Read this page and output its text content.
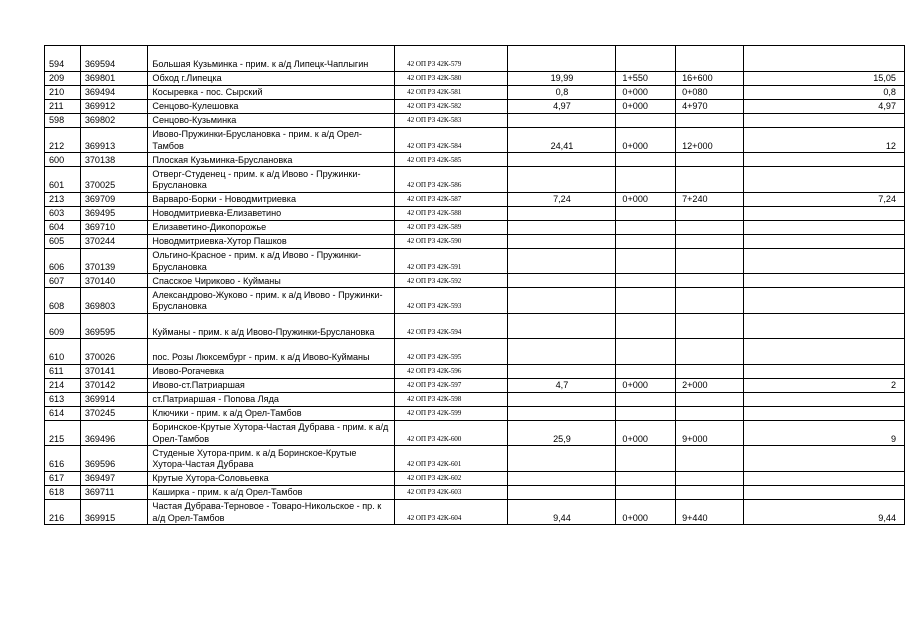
594	369594	Большая Кузьминка - прим. к а/д Липецк-Чаплыгин	42 ОП РЗ 42К-579				
209	369801	Обход г.Липецка	42 ОП РЗ 42К-580	19,99	1+550	16+600	15,05
210	369494	Косыревка - пос. Сырский	42 ОП РЗ 42К-581	0,8	0+000	0+080	0,8
211	369912	Сенцово-Кулешовка	42 ОП РЗ 42К-582	4,97	0+000	4+970	4,97
598	369802	Сенцово-Кузьминка	42 ОП РЗ 42К-583				
212	369913	Ивово-Пружинки-Бруслановка - прим. к а/д Орел-Тамбов	42 ОП РЗ 42К-584	24,41	0+000	12+000	12
600	370138	Плоская Кузьминка-Бруслановка	42 ОП РЗ 42К-585				
601	370025	Отверг-Студенец - прим. к а/д Ивово - Пружинки-Бруслановка	42 ОП РЗ 42К-586				
213	369709	Варваро-Борки - Новодмитриевка	42 ОП РЗ 42К-587	7,24	0+000	7+240	7,24
603	369495	Новодмитриевка-Елизаветино	42 ОП РЗ 42К-588				
604	369710	Елизаветино-Дикопорожье	42 ОП РЗ 42К-589				
605	370244	Новодмитриевка-Хутор Пашков	42 ОП РЗ 42К-590				
606	370139	Ольгино-Красное - прим. к а/д Ивово - Пружинки-Бруслановка	42 ОП РЗ 42К-591				
607	370140	Спасское Чириково - Куйманы	42 ОП РЗ 42К-592				
608	369803	Александрово-Жуково - прим. к а/д Ивово - Пружинки-Бруслановка	42 ОП РЗ 42К-593				
609	369595	Куйманы - прим. к а/д Ивово-Пружинки-Бруслановка	42 ОП РЗ 42К-594				
610	370026	пос. Розы Люксембург - прим. к а/д Ивово-Куйманы	42 ОП РЗ 42К-595				
611	370141	Ивово-Рогачевка	42 ОП РЗ 42К-596				
214	370142	Ивово-ст.Патриаршая	42 ОП РЗ 42К-597	4,7	0+000	2+000	2
613	369914	ст.Патриаршая - Попова Ляда	42 ОП РЗ 42К-598				
614	370245	Ключики - прим. к а/д Орел-Тамбов	42 ОП РЗ 42К-599				
215	369496	Боринское-Крутые Хутора-Частая Дубрава - прим. к а/д Орел-Тамбов	42 ОП РЗ 42К-600	25,9	0+000	9+000	9
616	369596	Студеные Хутора-прим. к а/д Боринское-Крутые Хутора-Частая Дубрава	42 ОП РЗ 42К-601				
617	369497	Крутые Хутора-Соловьевка	42 ОП РЗ 42К-602				
618	369711	Каширка - прим. к а/д Орел-Тамбов	42 ОП РЗ 42К-603				
216	369915	Частая Дубрава-Терновое - Товаро-Никольское - пр. к а/д Орел-Тамбов	42 ОП РЗ 42К-604	9,44	0+000	9+440	9,44
